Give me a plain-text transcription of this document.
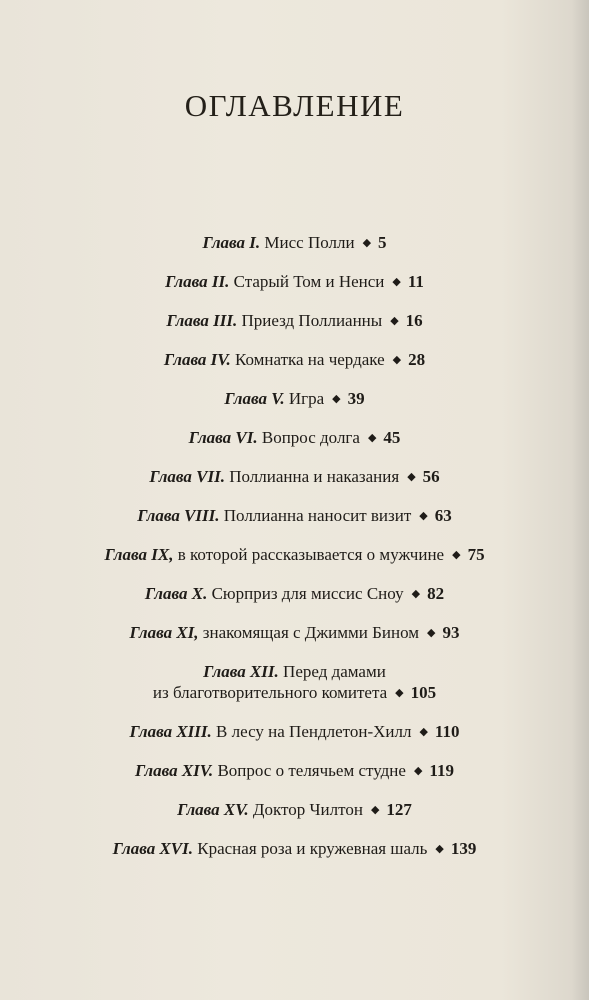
ОГЛАВЛЕНИЕ
Глава I. Мисс Полли ◆ 5
Глава II. Старый Том и Ненси ◆ 11
Глава III. Приезд Поллианны ◆ 16
Глава IV. Комнатка на чердаке ◆ 28
Глава V. Игра ◆ 39
Глава VI. Вопрос долга ◆ 45
Глава VII. Поллианна и наказания ◆ 56
Глава VIII. Поллианна наносит визит ◆ 63
Глава IX, в которой рассказывается о мужчине ◆ 75
Глава X. Сюрприз для миссис Сноу ◆ 82
Глава XI, знакомящая с Джимми Бином ◆ 93
Глава XII. Перед дамами
из благотворительного комитета ◆ 105
Глава XIII. В лесу на Пендлетон-Хилл ◆ 110
Глава XIV. Вопрос о телячьем студне ◆ 119
Глава XV. Доктор Чилтон ◆ 127
Глава XVI. Красная роза и кружевная шаль ◆ 139
